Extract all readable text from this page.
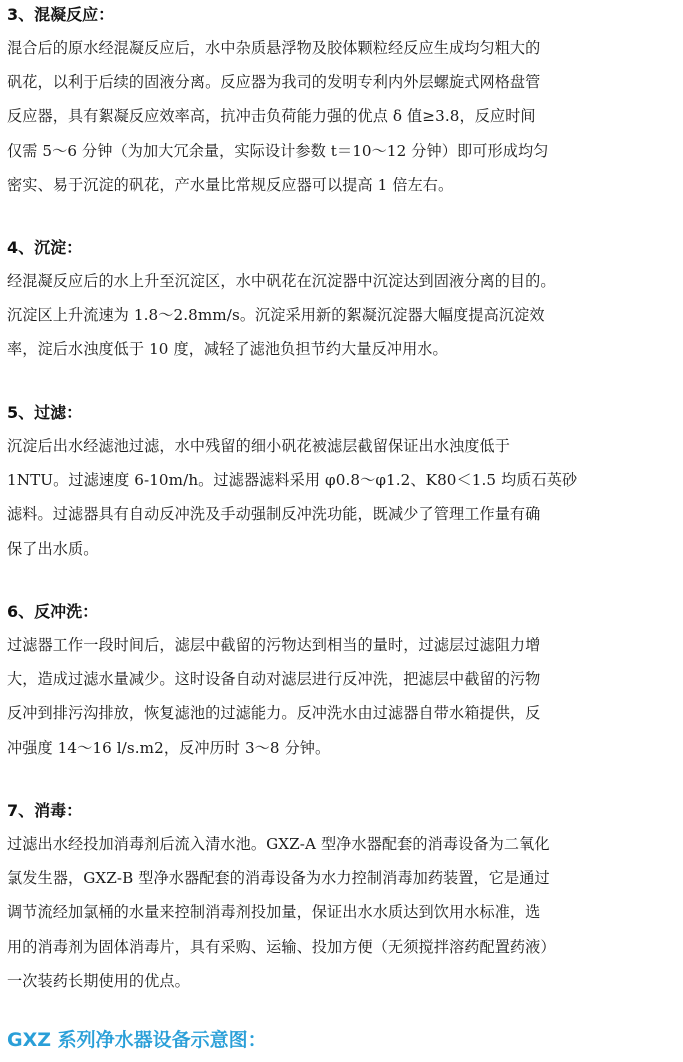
3、混凝反应：
混合后的原水经混凝反应后，水中杂质悬浮物及胶体颗粒经反应生成均匀粗大的
矾花，以利于后续的固液分离。反应器为我司的发明专利内外层螺旋式网格盘管
反应器，具有絮凝反应效率高，抗冲击负荷能力强的优点 δ 值≥3.8，反应时间
仅需 5～6 分钟（为加大冗余量，实际设计参数 t＝10～12 分钟）即可形成均匀
密实、易于沉淀的矾花，产水量比常规反应器可以提高 1 倍左右。
4、沉淀：
经混凝反应后的水上升至沉淀区，水中矾花在沉淀器中沉淀达到固液分离的目的。
沉淀区上升流速为 1.8～2.8mm/s。沉淀采用新的絮凝沉淀器大幅度提高沉淀效
率，淀后水浊度低于 10 度，减轻了滤池负担节约大量反冲用水。
5、过滤：
沉淀后出水经滤池过滤，水中残留的细小矾花被滤层截留保证出水浊度低于
1NTU。过滤速度 6-10m/h。过滤器滤料采用 φ0.8～φ1.2、K80＜1.5 均质石英砂
滤料。过滤器具有自动反冲洗及手动强制反冲洗功能，既减少了管理工作量有确
保了出水质。
6、反冲洗：
过滤器工作一段时间后，滤层中截留的污物达到相当的量时，过滤层过滤阻力增
大，造成过滤水量减少。这时设备自动对滤层进行反冲洗，把滤层中截留的污物
反冲到排污沟排放，恢复滤池的过滤能力。反冲洗水由过滤器自带水箱提供，反
冲强度 14～16 l/s.m2，反冲历时 3～8 分钟。
7、消毒：
过滤出水经投加消毒剂后流入清水池。GXZ-A 型净水器配套的消毒设备为二氧化
氯发生器，GXZ-B 型净水器配套的消毒设备为水力控制消毒加药装置，它是通过
调节流经加氯桶的水量来控制消毒剂投加量，保证出水水质达到饮用水标准，选
用的消毒剂为固体消毒片，具有采购、运输、投加方便（无须搅拌溶药配置药液）
一次装药长期使用的优点。
GXZ 系列净水器设备示意图：
